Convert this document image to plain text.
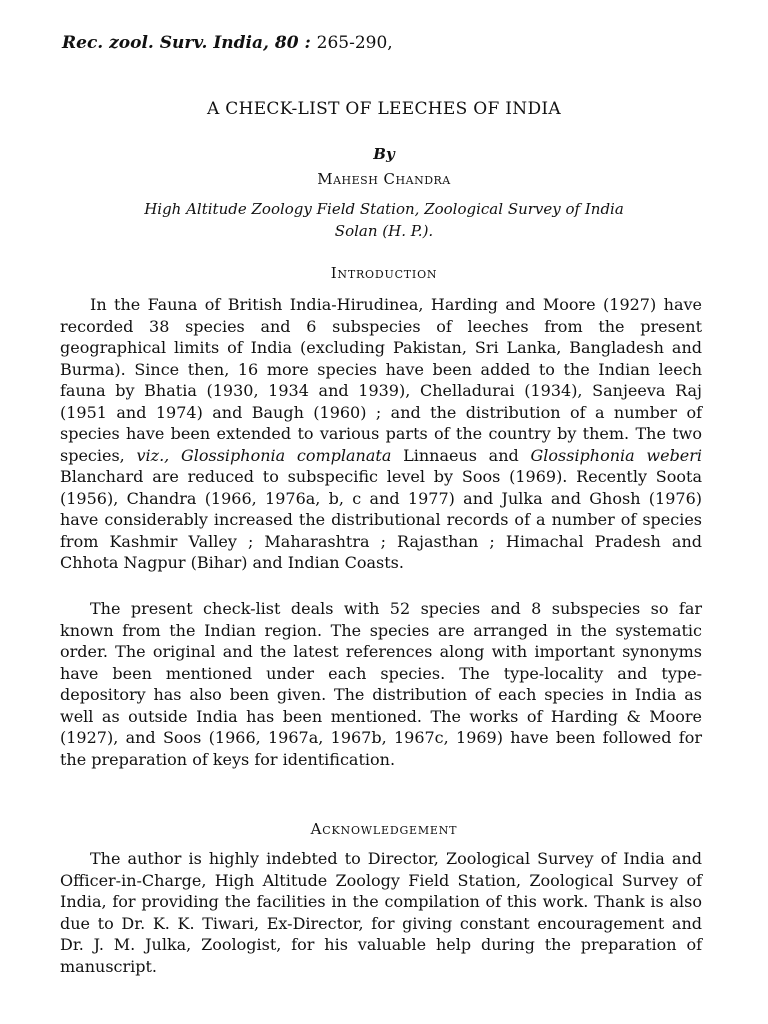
Rec. zool. Surv. India, 80 : 265-290,
A CHECK-LIST OF LEECHES OF INDIA
By
Mahesh Chandra
High Altitude Zoology Field Station, Zoological Survey of India
Solan (H. P.).
Introduction

In the Fauna of British India-Hirudinea, Harding and Moore (1927) have recorded 38 species and 6 subspecies of leeches from the present geographical limits of India (excluding Pakistan, Sri Lanka, Bangladesh and Burma). Since then, 16 more species have been added to the Indian leech fauna by Bhatia (1930, 1934 and 1939), Chelladurai (1934), Sanjeeva Raj (1951 and 1974) and Baugh (1960) ; and the distribution of a number of species have been extended to various parts of the country by them. The two species, viz., Glossiphonia complanata Linnaeus and Glossiphonia weberi Blanchard are reduced to subspecific level by Soos (1969). Recently Soota (1956), Chandra (1966, 1976a, b, c and 1977) and Julka and Ghosh (1976) have considerably increased the distributional records of a number of species from Kashmir Valley ; Maharashtra ; Rajasthan ; Himachal Pradesh and Chhota Nagpur (Bihar) and Indian Coasts.

The present check-list deals with 52 species and 8 subspecies so far known from the Indian region. The species are arranged in the systematic order. The original and the latest references along with important synonyms have been mentioned under each species. The type-locality and type-depository has also been given. The distribution of each species in India as well as outside India has been mentioned. The works of Harding & Moore (1927), and Soos (1966, 1967a, 1967b, 1967c, 1969) have been followed for the preparation of keys for identification.

Acknowledgement

The author is highly indebted to Director, Zoological Survey of India and Officer-in-Charge, High Altitude Zoology Field Station, Zoological Survey of India, for providing the facilities in the compilation of this work. Thank is also due to Dr. K. K. Tiwari, Ex-Director, for giving constant encouragement and Dr. J. M. Julka, Zoologist, for his valuable help during the preparation of manuscript.
